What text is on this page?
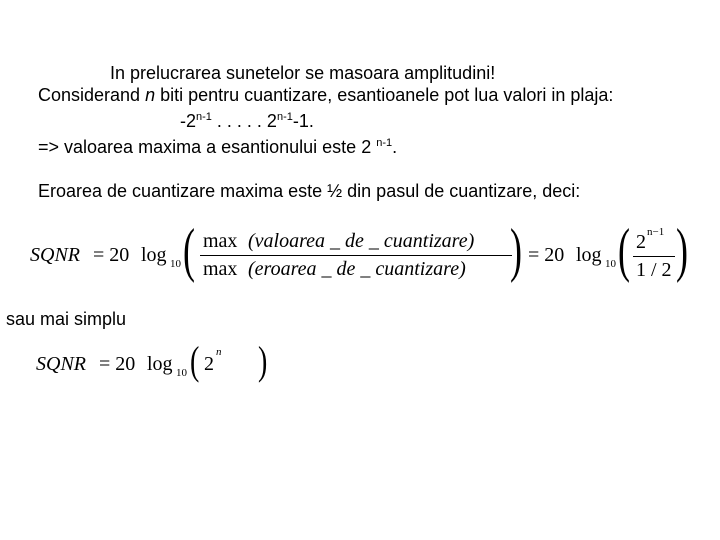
In prelucrarea sunetelor se masoara amplitudini!
Considerand n biti pentru cuantizare, esantioanele pot lua valori in plaja:
-2$^{n-1}$ . . . . . $2^{n-1}-1$.
=> valoarea maxima a esantionului este 2 $^{n-1}$.
Eroarea de cuantizare maxima este ½ din pasul de cuantizare, deci:
SQNR = 20 log 10 ( max (valoarea _ de _ cuantizare)
max (eroarea _ de _ cuantizare) ) = 20 log 10 ( 2 n−1
1 / 2 )
sau mai simplu
SQNR = 20 log 10 ( 2
n )
